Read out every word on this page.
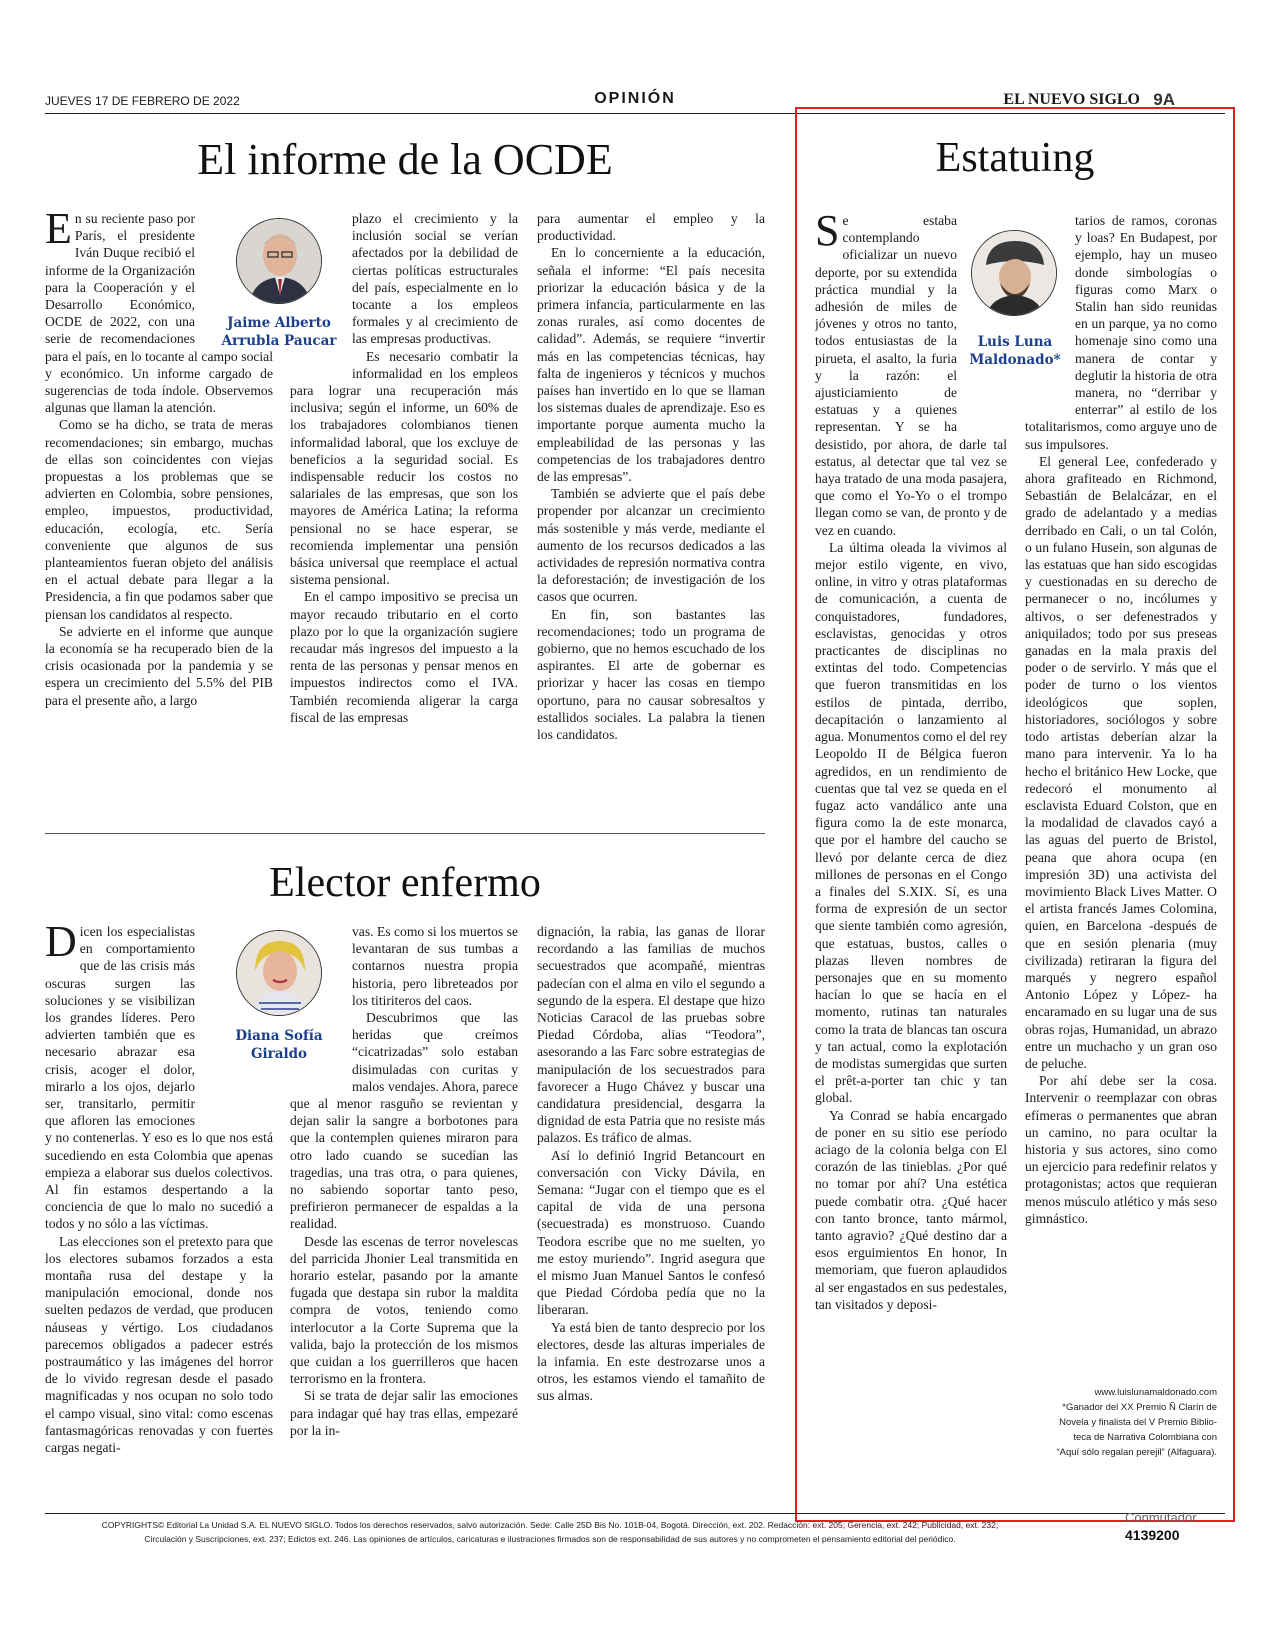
JUEVES 17 DE FEBRERO DE 2022	OPINIÓN	EL NUEVO SIGLO 9A
El informe de la OCDE
Jaime Alberto
Arrubla Paucar

En su reciente paso por París, el presidente Iván Duque recibió el informe de la Organización para la Cooperación y el Desarrollo Económico, OCDE de 2022, con una serie de recomendaciones para el país, en lo tocante al campo social y económico. Un informe cargado de sugerencias de toda índole. Observemos algunas que llaman la atención.

Como se ha dicho, se trata de meras recomendaciones; sin embargo, muchas de ellas son coincidentes con viejas propuestas a los problemas que se advierten en Colombia, sobre pensiones, empleo, impuestos, productividad, educación, ecología, etc. Sería conveniente que algunos de sus planteamientos fueran objeto del análisis en el actual debate para llegar a la Presidencia, a fin que podamos saber que piensan los candidatos al respecto.

Se advierte en el informe que aunque la economía se ha recuperado bien de la crisis ocasionada por la pandemia y se espera un crecimiento del 5.5% del PIB para el presente año, a largo

plazo el crecimiento y la inclusión social se verían afectados por la debilidad de ciertas políticas estructurales del país, especialmente en lo tocante a los empleos formales y al crecimiento de las empresas productivas.

Es necesario combatir la informalidad en los empleos para lograr una recuperación más inclusiva; según el informe, un 60% de los trabajadores colombianos tienen informalidad laboral, que los excluye de beneficios a la seguridad social. Es indispensable reducir los costos no salariales de las empresas, que son los mayores de América Latina; la reforma pensional no se hace esperar, se recomienda implementar una pensión básica universal que reemplace el actual sistema pensional.

En el campo impositivo se precisa un mayor recaudo tributario en el corto plazo por lo que la organización sugiere recaudar más ingresos del impuesto a la renta de las personas y pensar menos en impuestos indirectos como el IVA. También recomienda aligerar la carga fiscal de las empresas

para aumentar el empleo y la productividad.

En lo concerniente a la educación, señala el informe: “El país necesita priorizar la educación básica y de la primera infancia, particularmente en las zonas rurales, así como docentes de calidad”. Además, se requiere “invertir más en las competencias técnicas, hay falta de ingenieros y técnicos y muchos países han invertido en lo que se llaman los sistemas duales de aprendizaje. Eso es importante porque aumenta mucho la empleabilidad de las personas y las competencias de los trabajadores dentro de las empresas”.

También se advierte que el país debe propender por alcanzar un crecimiento más sostenible y más verde, mediante el aumento de los recursos dedicados a las actividades de represión normativa contra la deforestación; de investigación de los casos que ocurren.

En fin, son bastantes las recomendaciones; todo un programa de gobierno, que no hemos escuchado de los aspirantes. El arte de gobernar es priorizar y hacer las cosas en tiempo oportuno, para no causar sobresaltos y estallidos sociales. La palabra la tienen los candidatos.

Elector enfermo
Diana Sofía
Giraldo

Dicen los especialistas en comportamiento que de las crisis más oscuras surgen las soluciones y se visibilizan los grandes líderes. Pero advierten también que es necesario abrazar esa crisis, acoger el dolor, mirarlo a los ojos, dejarlo ser, transitarlo, permitir que afloren las emociones y no contenerlas. Y eso es lo que nos está sucediendo en esta Colombia que apenas empieza a elaborar sus duelos colectivos. Al fin estamos despertando a la conciencia de que lo malo no sucedió a todos y no sólo a las víctimas.

Las elecciones son el pretexto para que los electores subamos forzados a esta montaña rusa del destape y la manipulación emocional, donde nos suelten pedazos de verdad, que producen náuseas y vértigo. Los ciudadanos parecemos obligados a padecer estrés postraumático y las imágenes del horror de lo vivido regresan desde el pasado magnificadas y nos ocupan no solo todo el campo visual, sino vital: como escenas fantasmagóricas renovadas y con fuertes cargas negati-

vas. Es como si los muertos se levantaran de sus tumbas a contarnos nuestra propia historia, pero libreteados por los titiriteros del caos.

Descubrimos que las heridas que creímos “cicatrizadas” solo estaban disimuladas con curitas y malos vendajes. Ahora, parece que al menor rasguño se revientan y dejan salir la sangre a borbotones para que la contemplen quienes miraron para otro lado cuando se sucedían las tragedias, una tras otra, o para quienes, no sabiendo soportar tanto peso, prefirieron permanecer de espaldas a la realidad.

Desde las escenas de terror novelescas del parricida Jhonier Leal transmitida en horario estelar, pasando por la amante fugada que destapa sin rubor la maldita compra de votos, teniendo como interlocutor a la Corte Suprema que la valida, bajo la protección de los mismos que cuidan a los guerrilleros que hacen terrorismo en la frontera.

Si se trata de dejar salir las emociones para indagar qué hay tras ellas, empezaré por la in-

dignación, la rabia, las ganas de llorar recordando a las familias de muchos secuestrados que acompañé, mientras padecían con el alma en vilo el segundo a segundo de la espera. El destape que hizo Noticias Caracol de las pruebas sobre Piedad Córdoba, alias “Teodora”, asesorando a las Farc sobre estrategias de manipulación de los secuestrados para favorecer a Hugo Chávez y buscar una candidatura presidencial, desgarra la dignidad de esta Patria que no resiste más palazos. Es tráfico de almas.

Así lo definió Ingrid Betancourt en conversación con Vicky Dávila, en Semana: “Jugar con el tiempo que es el capital de vida de una persona (secuestrada) es monstruoso. Cuando Teodora escribe que no me suelten, yo me estoy muriendo”. Ingrid asegura que el mismo Juan Manuel Santos le confesó que Piedad Córdoba pedía que no la liberaran.

Ya está bien de tanto desprecio por los electores, desde las alturas imperiales de la infamia. En este destrozarse unos a otros, les estamos viendo el tamañito de sus almas.

Estatuing
Luis Luna
Maldonado*

Se estaba contemplando oficializar un nuevo deporte, por su extendida práctica mundial y la adhesión de miles de jóvenes y otros no tanto, todos entusiastas de la pirueta, el asalto, la furia y la razón: el ajusticiamiento de estatuas y a quienes representan. Y se ha desistido, por ahora, de darle tal estatus, al detectar que tal vez se haya tratado de una moda pasajera, que como el Yo-Yo o el trompo llegan como se van, de pronto y de vez en cuando.

La última oleada la vivimos al mejor estilo vigente, en vivo, online, in vitro y otras plataformas de comunicación, a cuenta de conquistadores, fundadores, esclavistas, genocidas y otros practicantes de disciplinas no extintas del todo. Competencias que fueron transmitidas en los estilos de pintada, derribo, decapitación o lanzamiento al agua. Monumentos como el del rey Leopoldo II de Bélgica fueron agredidos, en un rendimiento de cuentas que tal vez se queda en el fugaz acto vandálico ante una figura como la de este monarca, que por el hambre del caucho se llevó por delante cerca de diez millones de personas en el Congo a finales del S.XIX. Sí, es una forma de expresión de un sector que siente también como agresión, que estatuas, bustos, calles o plazas lleven nombres de personajes que en su momento hacían lo que se hacía en el momento, rutinas tan naturales como la trata de blancas tan oscura y tan actual, como la explotación de modistas sumergidas que surten el prêt-a-porter tan chic y tan global.

Ya Conrad se había encargado de poner en su sitio ese período aciago de la colonia belga con El corazón de las tinieblas. ¿Por qué no tomar por ahí? Una estética puede combatir otra. ¿Qué hacer con tanto bronce, tanto mármol, tanto agravio? ¿Qué destino dar a esos erguimientos En honor, In memoriam, que fueron aplaudidos al ser engastados en sus pedestales, tan visitados y deposi-

tarios de ramos, coronas y loas? En Budapest, por ejemplo, hay un museo donde simbologías o figuras como Marx o Stalin han sido reunidas en un parque, ya no como homenaje sino como una manera de contar y deglutir la historia de otra manera, no “derribar y enterrar” al estilo de los totalitarismos, como arguye uno de sus impulsores.

El general Lee, confederado y ahora grafiteado en Richmond, Sebastián de Belalcázar, en el grado de adelantado y a medias derribado en Cali, o un tal Colón, o un fulano Husein, son algunas de las estatuas que han sido escogidas y cuestionadas en su derecho de permanecer o no, incólumes y altivos, o ser defenestrados y aniquilados; todo por sus preseas ganadas en la mala praxis del poder o de servirlo. Y más que el poder de turno o los vientos ideológicos que soplen, historiadores, sociólogos y sobre todo artistas deberían alzar la mano para intervenir. Ya lo ha hecho el británico Hew Locke, que redecoró el monumento al esclavista Eduard Colston, que en la modalidad de clavados cayó a las aguas del puerto de Bristol, peana que ahora ocupa (en impresión 3D) una activista del movimiento Black Lives Matter. O el artista francés James Colomina, quien, en Barcelona -después de que en sesión plenaria (muy civilizada) retiraran la figura del marqués y negrero español Antonio López y López- ha encaramado en su lugar una de sus obras rojas, Humanidad, un abrazo entre un muchacho y un gran oso de peluche.

Por ahí debe ser la cosa. Intervenir o reemplazar con obras efímeras o permanentes que abran un camino, no para ocultar la historia y sus actores, sino como un ejercicio para redefinir relatos y protagonistas; actos que requieran menos músculo atlético y más seso gimnástico.

www.luislunamaldonado.com
*Ganador del XX Premio Ñ Clarín de
Novela y finalista del V Premio Biblio-
teca de Narrativa Colombiana con
“Aquí sólo regalan perejil” (Alfaguara).
COPYRIGHTS© Editorial La Unidad S.A. EL NUEVO SIGLO. Todos los derechos reservados, salvo autorización. Sede: Calle 25D Bis No. 101B-04, Bogotá. Dirección, ext. 202. Redacción: ext. 205; Gerencia, ext. 242; Publicidad, ext. 232;
Circulación y Suscripciones, ext. 237; Edictos ext. 246. Las opiniones de artículos, caricaturas e ilustraciones firmados son de responsabilidad de sus autores y no comprometen el pensamiento editorial del periódico.
Conmutador
4139200
